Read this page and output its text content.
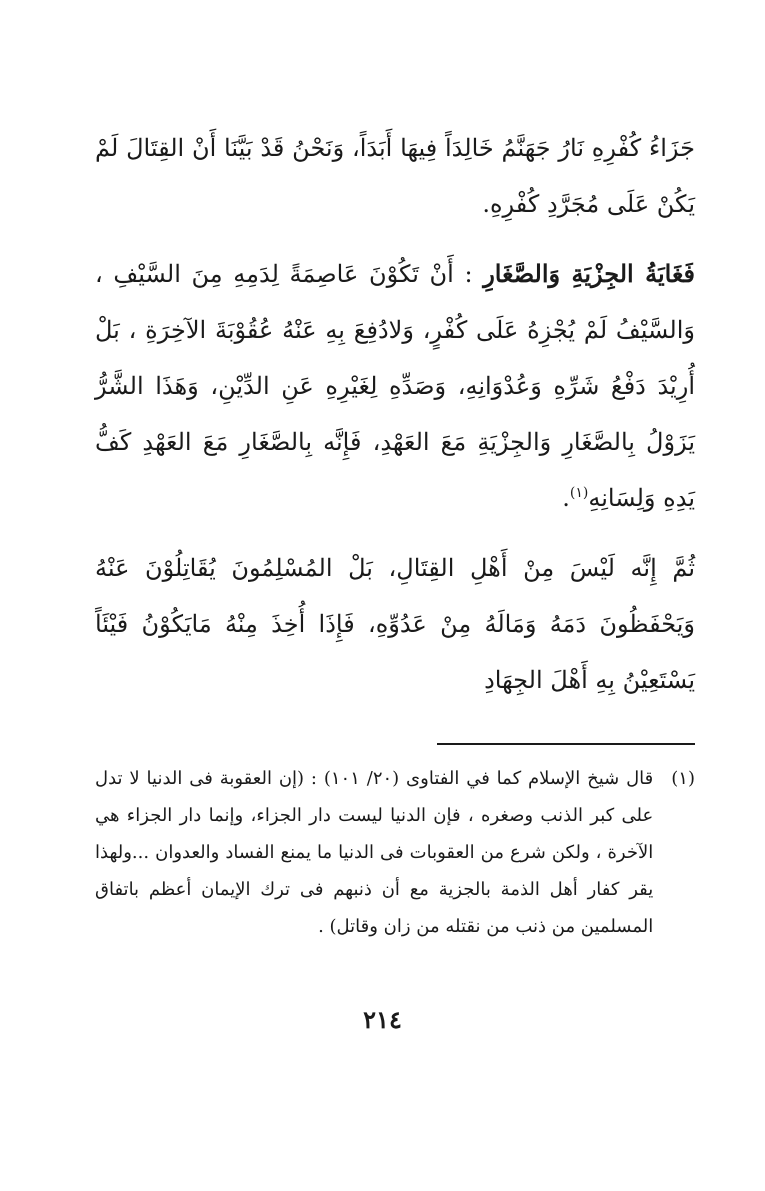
جَزَاءُ كُفْرِهِ نَارُ جَهَنَّمُ خَالِدَاً فِيهَا أَبَدَاً، وَنَحْنُ قَدْ بَيَّنَا أَنْ القِتَالَ لَمْ يَكُنْ عَلَى مُجَرَّدِ كُفْرِهِ.

فَغَايَةُ الجِزْيَةِ وَالصَّغَارِ : أَنْ تَكُوْنَ عَاصِمَةً لِدَمِهِ مِنَ السَّيْفِ ، وَالسَّيْفُ لَمْ يُجْزِهُ عَلَى كُفْرٍ، وَلادُفِعَ بِهِ عَنْهُ عُقُوْبَةَ الآخِرَةِ ، بَلْ أُرِيْدَ دَفْعُ شَرِّهِ وَعُدْوَانِهِ، وَصَدِّهِ لِغَيْرِهِ عَنِ الدِّيْنِ، وَهَذَا الشَّرُّ يَزَوْلُ بِالصَّغَارِ وَالجِزْيَةِ مَعَ العَهْدِ، فَإِنَّه بِالصَّغَارِ مَعَ العَهْدِ كَفُّ يَدِهِ وَلِسَانِهِ$^{(١)}$.

ثُمَّ إِنَّه لَيْسَ مِنْ أَهْلِ القِتَالِ، بَلْ المُسْلِمُونَ يُقَاتِلُوْنَ عَنْهُ وَيَحْفَظُونَ دَمَهُ وَمَالَهُ مِنْ عَدُوِّهِ، فَإِذَا أُخِذَ مِنْهُ مَايَكُوْنُ فَيْئَاً يَسْتَعِيْنُ بِهِ أَهْلَ الجِهَادِ

(١)
قال شيخ الإسلام كما في الفتاوى (٢٠/ ١٠١) : (إن العقوبة فى الدنيا لا تدل على كبر الذنب وصغره ، فإن الدنيا ليست دار الجزاء، وإنما دار الجزاء هي الآخرة ، ولكن شرع من العقوبات فى الدنيا ما يمنع الفساد والعدوان ...ولهذا يقر كفار أهل الذمة بالجزية مع أن ذنبهم فى ترك الإيمان أعظم باتفاق المسلمين من ذنب من نقتله من زان وقاتل) .
٢١٤
